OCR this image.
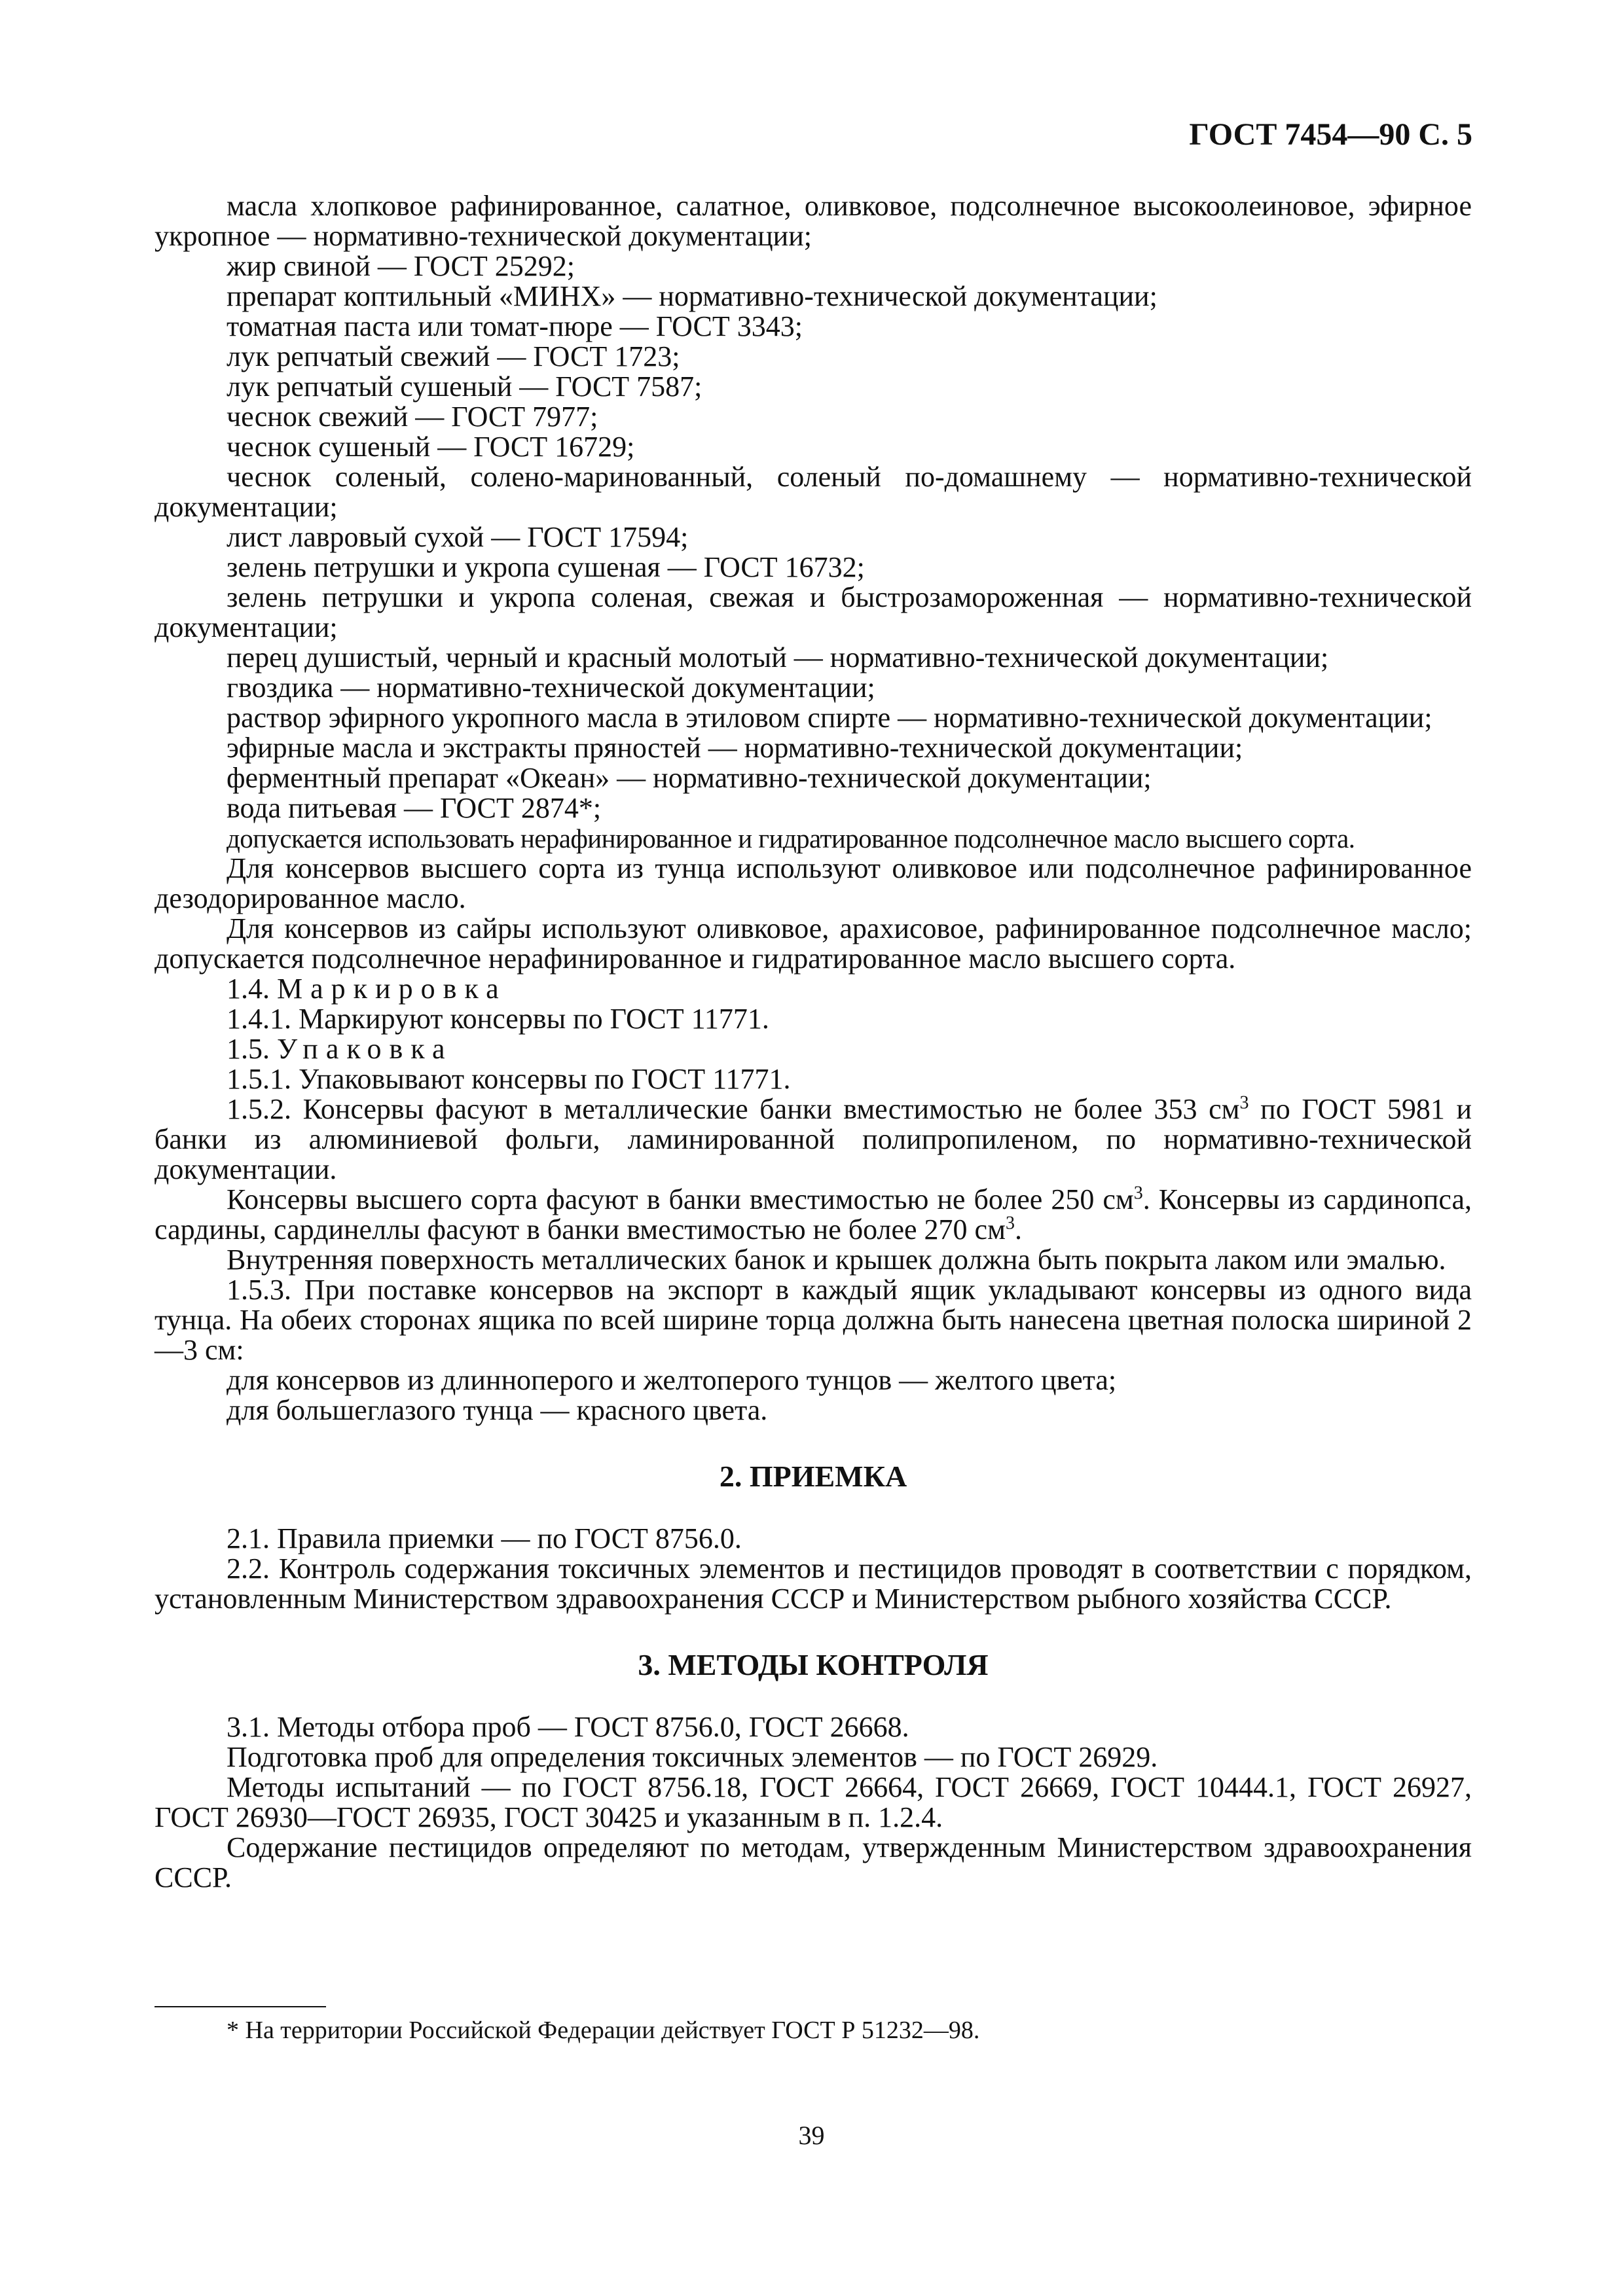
ГОСТ 7454—90 С. 5

масла хлопковое рафинированное, салатное, оливковое, подсолнечное высокоолеиновое, эфирное укропное — нормативно-технической документации;

жир свиной — ГОСТ 25292;

препарат коптильный «МИНХ» — нормативно-технической документации;

томатная паста или томат-пюре — ГОСТ 3343;

лук репчатый свежий — ГОСТ 1723;

лук репчатый сушеный — ГОСТ 7587;

чеснок свежий — ГОСТ 7977;

чеснок сушеный — ГОСТ 16729;

чеснок соленый, солено-маринованный, соленый по-домашнему — нормативно-технической документации;

лист лавровый сухой — ГОСТ 17594;

зелень петрушки и укропа сушеная — ГОСТ 16732;

зелень петрушки и укропа соленая, свежая и быстрозамороженная — нормативно-технической документации;

перец душистый, черный и красный молотый — нормативно-технической документации;

гвоздика — нормативно-технической документации;

раствор эфирного укропного масла в этиловом спирте — нормативно-технической документации;

эфирные масла и экстракты пряностей — нормативно-технической документации;

ферментный препарат «Океан» — нормативно-технической документации;

вода питьевая — ГОСТ 2874*;

допускается использовать нерафинированное и гидратированное подсолнечное масло высшего сорта.

Для консервов высшего сорта из тунца используют оливковое или подсолнечное рафинированное дезодорированное масло.

Для консервов из сайры используют оливковое, арахисовое, рафинированное подсолнечное масло; допускается подсолнечное нерафинированное и гидратированное масло высшего сорта.

1.4. Маркировка

1.4.1. Маркируют консервы по ГОСТ 11771.

1.5. Упаковка

1.5.1. Упаковывают консервы по ГОСТ 11771.

1.5.2. Консервы фасуют в металлические банки вместимостью не более 353 $см^3$ по ГОСТ 5981 и банки из алюминиевой фольги, ламинированной полипропиленом, по нормативно-технической документации.

Консервы высшего сорта фасуют в банки вместимостью не более 250 $см^3$. Консервы из сардинопса, сардины, сардинеллы фасуют в банки вместимостью не более 270 $см^3$.

Внутренняя поверхность металлических банок и крышек должна быть покрыта лаком или эмалью.

1.5.3. При поставке консервов на экспорт в каждый ящик укладывают консервы из одного вида тунца. На обеих сторонах ящика по всей ширине торца должна быть нанесена цветная полоска шириной 2—3 см:

для консервов из длиннoперого и желтоперого тунцов — желтого цвета;

для большеглазого тунца — красного цвета.

2. ПРИЕМКА

2.1. Правила приемки — по ГОСТ 8756.0.

2.2. Контроль содержания токсичных элементов и пестицидов проводят в соответствии с порядком, установленным Министерством здравоохранения СССР и Министерством рыбного хозяйства СССР.

3. МЕТОДЫ КОНТРОЛЯ

3.1. Методы отбора проб — ГОСТ 8756.0, ГОСТ 26668.

Подготовка проб для определения токсичных элементов — по ГОСТ 26929.

Методы испытаний — по ГОСТ 8756.18, ГОСТ 26664, ГОСТ 26669, ГОСТ 10444.1, ГОСТ 26927, ГОСТ 26930—ГОСТ 26935, ГОСТ 30425 и указанным в п. 1.2.4.

Содержание пестицидов определяют по методам, утвержденным Министерством здравоохранения СССР.

* На территории Российской Федерации действует ГОСТ Р 51232—98.
39
